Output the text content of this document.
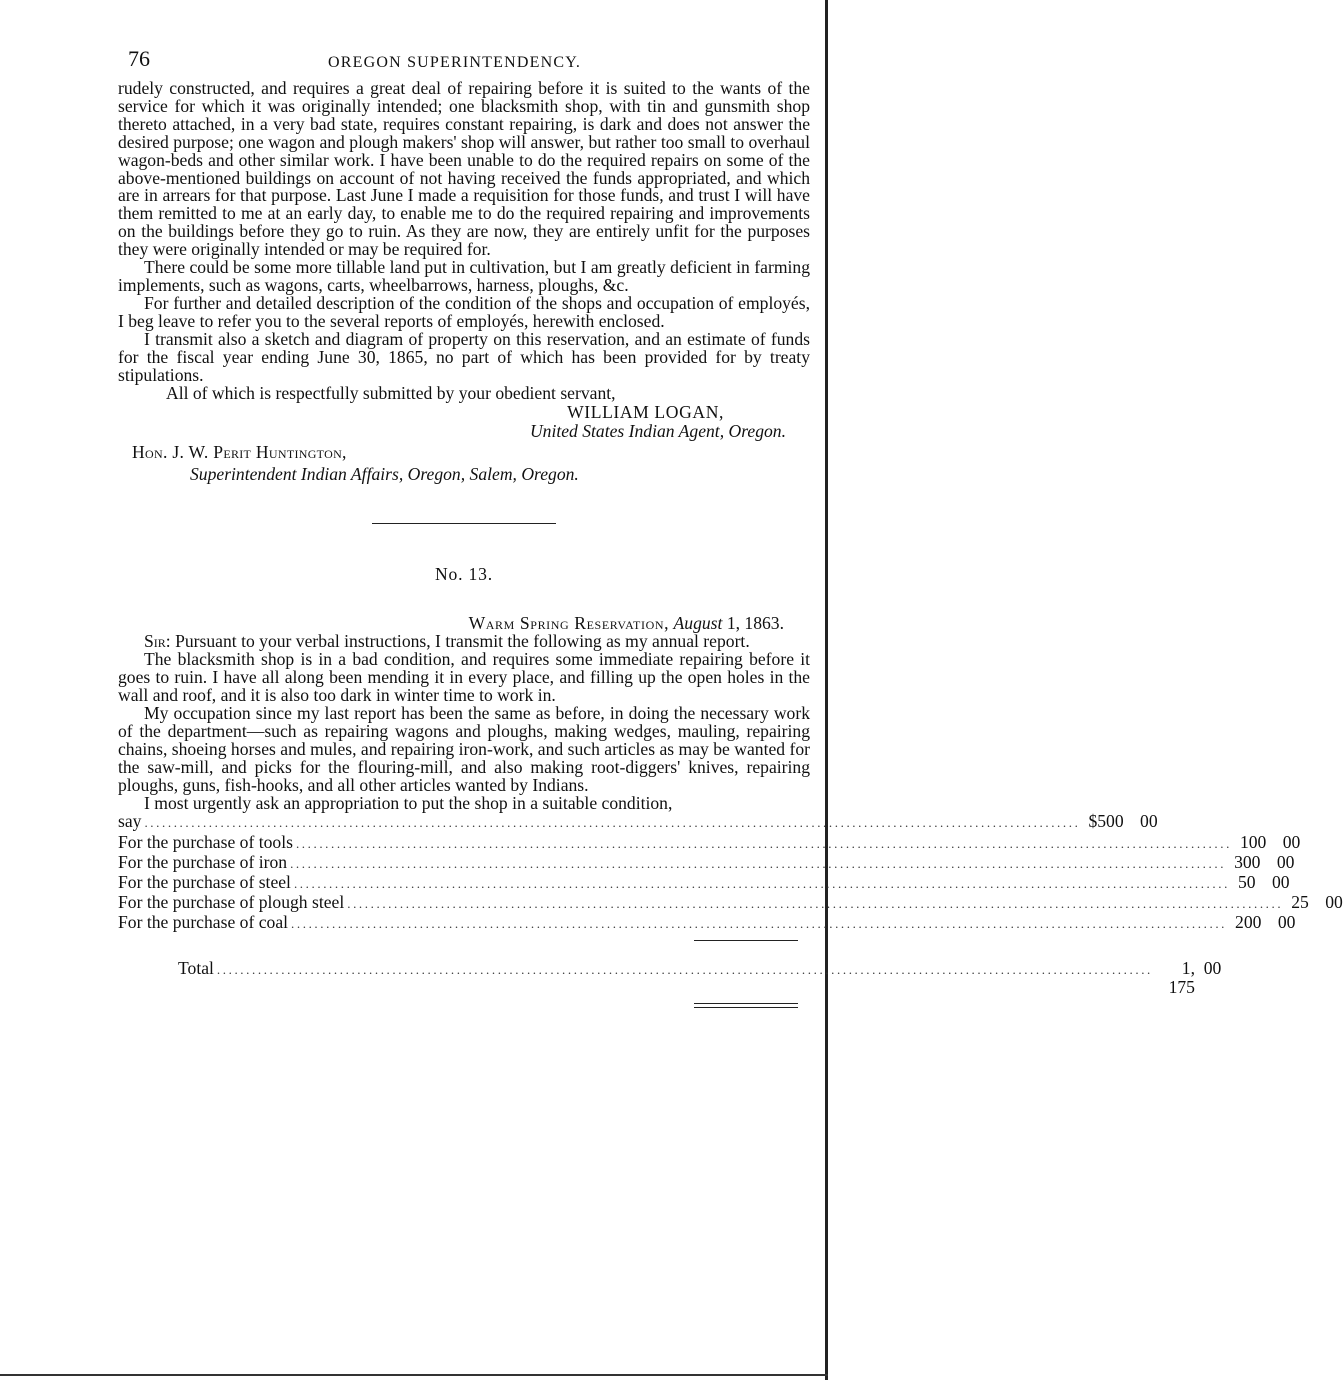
76	OREGON SUPERINTENDENCY.

rudely constructed, and requires a great deal of repairing before it is suited to the wants of the service for which it was originally intended; one blacksmith shop, with tin and gunsmith shop thereto attached, in a very bad state, requires constant repairing, is dark and does not answer the desired purpose; one wagon and plough makers' shop will answer, but rather too small to overhaul wagon-beds and other similar work. I have been unable to do the required repairs on some of the above-mentioned buildings on account of not having received the funds appropriated, and which are in arrears for that purpose. Last June I made a requisition for those funds, and trust I will have them remitted to me at an early day, to enable me to do the required repairing and improvements on the buildings before they go to ruin. As they are now, they are entirely unfit for the purposes they were originally intended or may be required for.

There could be some more tillable land put in cultivation, but I am greatly deficient in farming implements, such as wagons, carts, wheelbarrows, harness, ploughs, &c.

For further and detailed description of the condition of the shops and occupation of employés, I beg leave to refer you to the several reports of employés, herewith enclosed.

I transmit also a sketch and diagram of property on this reservation, and an estimate of funds for the fiscal year ending June 30, 1865, no part of which has been provided for by treaty stipulations.

All of which is respectfully submitted by your obedient servant,

WILLIAM LOGAN,

United States Indian Agent, Oregon.

Hon. J. W. Perit Huntington,

Superintendent Indian Affairs, Oregon, Salem, Oregon.

No. 13.
Warm Spring Reservation, August 1, 1863.

Sir: Pursuant to your verbal instructions, I transmit the following as my annual report.

The blacksmith shop is in a bad condition, and requires some immediate repairing before it goes to ruin. I have all along been mending it in every place, and filling up the open holes in the wall and roof, and it is also too dark in winter time to work in.

My occupation since my last report has been the same as before, in doing the necessary work of the department—such as repairing wagons and ploughs, making wedges, mauling, repairing chains, shoeing horses and mules, and repairing iron-work, and such articles as may be wanted for the saw-mill, and picks for the flouring-mill, and also making root-diggers' knives, repairing ploughs, guns, fish-hooks, and all other articles wanted by Indians.

I most urgently ask an appropriation to put the shop in a suitable condition,

say ................................................................................................................................................................ $500 00
For the purchase of tools ................................................................................................................................................................ 100 00
For the purchase of iron ................................................................................................................................................................ 300 00
For the purchase of steel ................................................................................................................................................................ 50 00
For the purchase of plough steel ................................................................................................................................................................ 25 00
For the purchase of coal ................................................................................................................................................................ 200 00
Total ................................................................................................................................................................	1, 175
00
